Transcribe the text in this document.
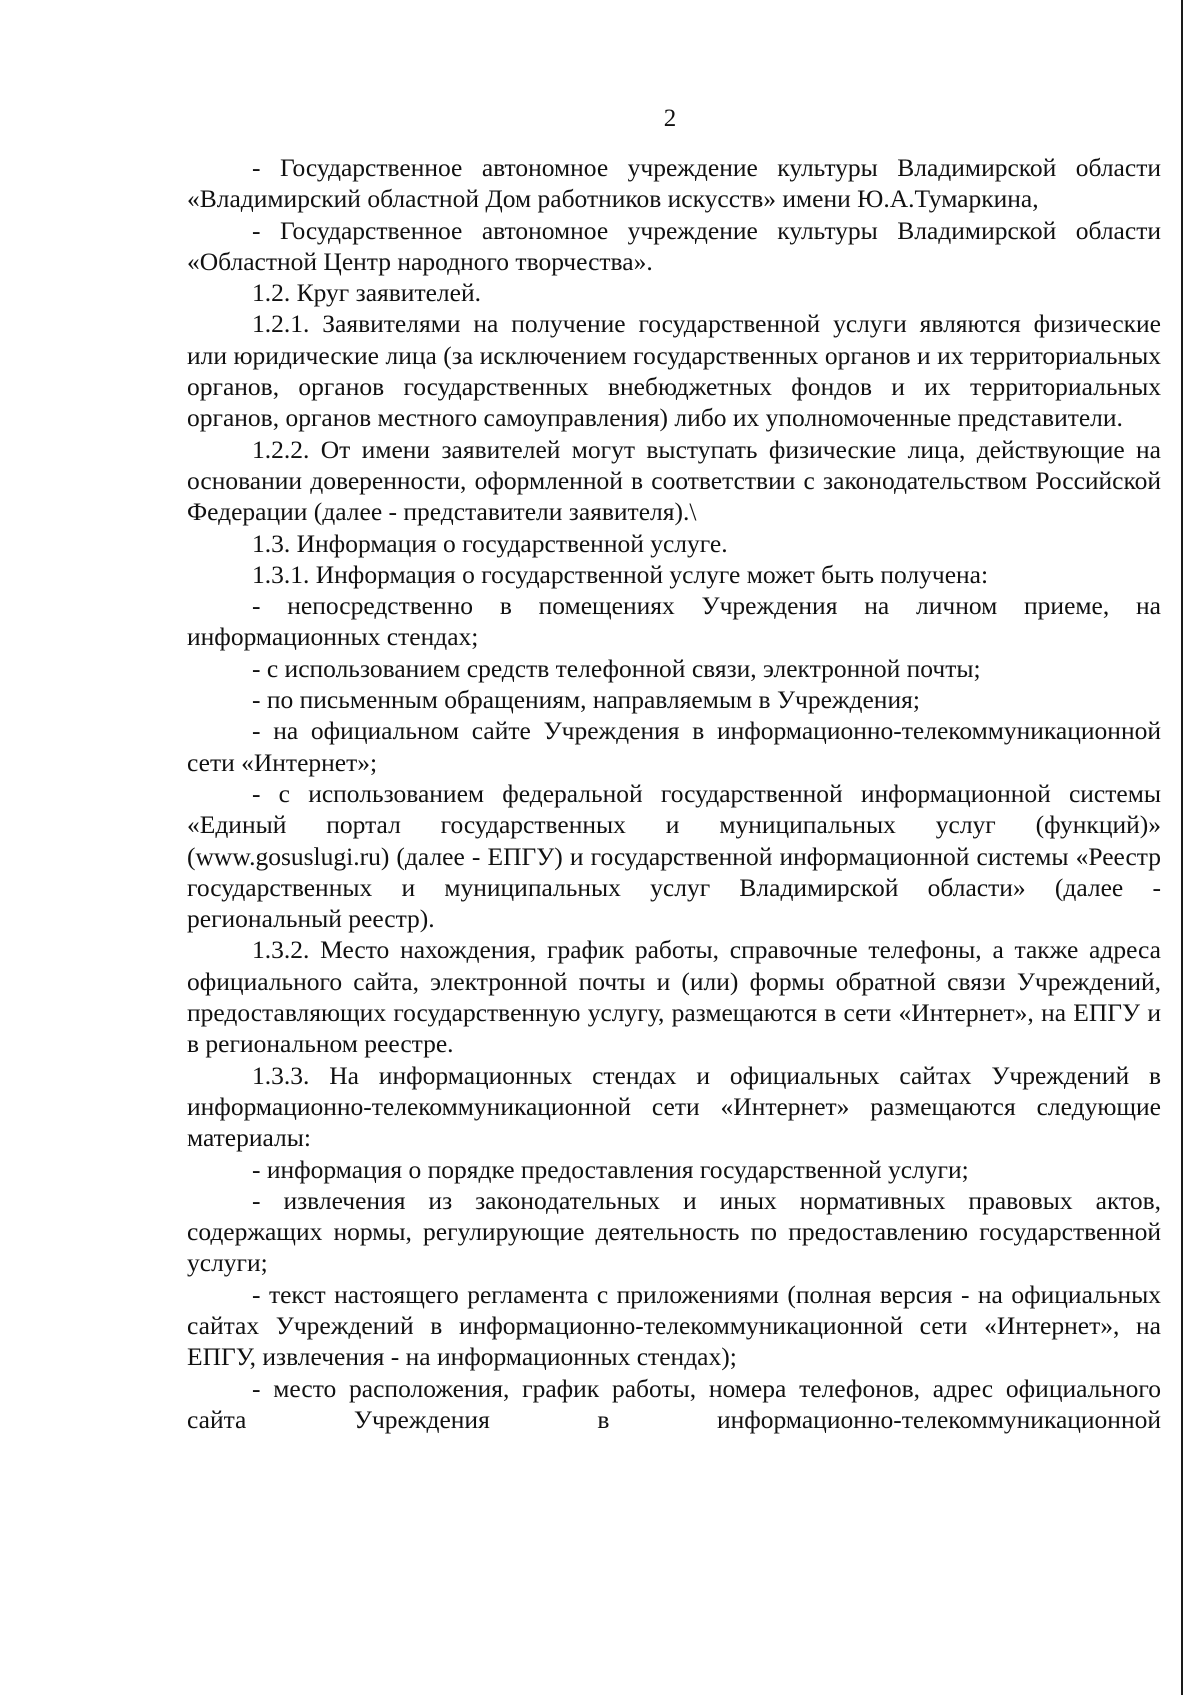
2

- Государственное автономное учреждение культуры Владимирской области «Владимирский областной Дом работников искусств» имени Ю.А.Тумаркина,

- Государственное автономное учреждение культуры Владимирской области «Областной Центр народного творчества».

1.2. Круг заявителей.

1.2.1. Заявителями на получение государственной услуги являются физические или юридические лица (за исключением государственных органов и их территориальных органов, органов государственных внебюджетных фондов и их территориальных органов, органов местного самоуправления) либо их уполномоченные представители.

1.2.2. От имени заявителей могут выступать физические лица, действующие на основании доверенности, оформленной в соответствии с законодательством Российской Федерации (далее - представители заявителя).\

1.3. Информация о государственной услуге.

1.3.1. Информация о государственной услуге может быть получена:

- непосредственно в помещениях Учреждения на личном приеме, на информационных стендах;

- с использованием средств телефонной связи, электронной почты;

- по письменным обращениям, направляемым в Учреждения;

- на официальном сайте Учреждения в информационно-телекоммуникационной сети «Интернет»;

- с использованием федеральной государственной информационной системы «Единый портал государственных и муниципальных услуг (функций)» (www.gosuslugi.ru) (далее - ЕПГУ) и государственной информационной системы «Реестр государственных и муниципальных услуг Владимирской области» (далее - региональный реестр).

1.3.2. Место нахождения, график работы, справочные телефоны, а также адреса официального сайта, электронной почты и (или) формы обратной связи Учреждений, предоставляющих государственную услугу, размещаются в сети «Интернет», на ЕПГУ и в региональном реестре.

1.3.3. На информационных стендах и официальных сайтах Учреждений в информационно-телекоммуникационной сети «Интернет» размещаются следующие материалы:

- информация о порядке предоставления государственной услуги;

- извлечения из законодательных и иных нормативных правовых актов, содержащих нормы, регулирующие деятельность по предоставлению государственной услуги;

- текст настоящего регламента с приложениями (полная версия - на официальных сайтах Учреждений в информационно-телекоммуникационной сети «Интернет», на ЕПГУ, извлечения - на информационных стендах);

- место расположения, график работы, номера телефонов, адрес официального сайта Учреждения в информационно-телекоммуникационной
